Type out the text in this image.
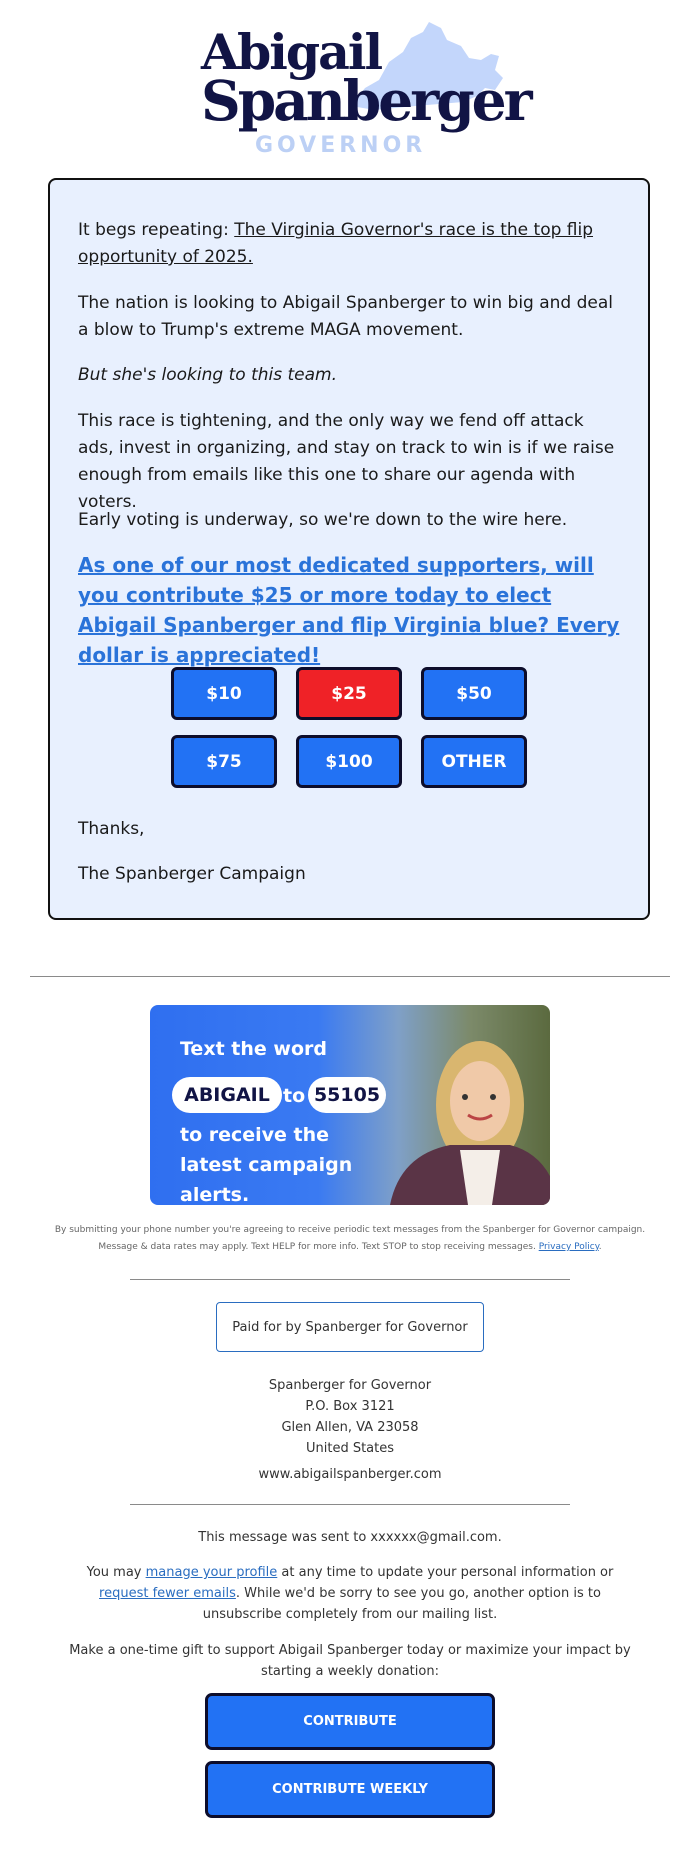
Abigail
Spanberger
GOVERNOR
It begs repeating: The Virginia Governor's race is the top flip opportunity of 2025.
The nation is looking to Abigail Spanberger to win big and deal a blow to Trump's extreme MAGA movement.
But she's looking to this team.
This race is tightening, and the only way we fend off attack ads, invest in organizing, and stay on track to win is if we raise enough from emails like this one to share our agenda with voters.
Early voting is underway, so we're down to the wire here.
As one of our most dedicated supporters, will you contribute $25 or more today to elect Abigail Spanberger and flip Virginia blue? Every dollar is appreciated!
$10	$25	$50
$75	$100	OTHER
Thanks,
The Spanberger Campaign
Text the word
ABIGAIL to 55105
to receive the latest campaign alerts.
By submitting your phone number you're agreeing to receive periodic text messages from the Spanberger for Governor campaign. Message & data rates may apply. Text HELP for more info. Text STOP to stop receiving messages. Privacy Policy.
Paid for by Spanberger for Governor
Spanberger for Governor
P.O. Box 3121
Glen Allen, VA 23058
United States
www.abigailspanberger.com
This message was sent to xxxxxx@gmail.com.
You may manage your profile at any time to update your personal information or request fewer emails. While we'd be sorry to see you go, another option is to unsubscribe completely from our mailing list.
Make a one-time gift to support Abigail Spanberger today or maximize your impact by starting a weekly donation:
CONTRIBUTE
CONTRIBUTE WEEKLY
